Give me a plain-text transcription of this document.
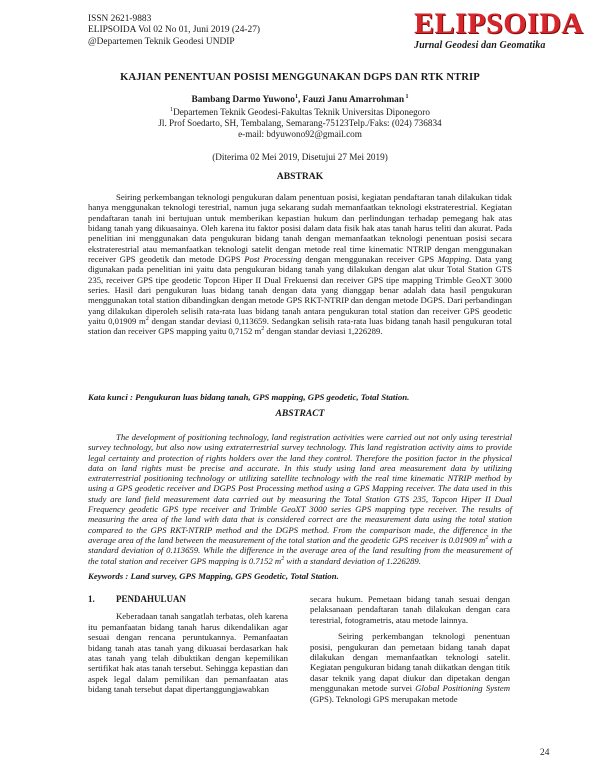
ISSN 2621-9883
ELIPSOIDA Vol 02 No 01, Juni 2019 (24-27)
@Departemen Teknik Geodesi UNDIP
ELIPSOIDA
Jurnal Geodesi dan Geomatika
KAJIAN PENENTUAN POSISI MENGGUNAKAN DGPS DAN RTK NTRIP
Bambang Darmo Yuwono$^1$, Fauzi Janu Amarrohman $^1$
$^1$Departemen Teknik Geodesi-Fakultas Teknik Universitas Diponegoro
Jl. Prof Soedarto, SH, Tembalang, Semarang-75123Telp./Faks: (024) 736834
e-mail: bdyuwono92@gmail.com
(Diterima 02 Mei 2019, Disetujui 27 Mei 2019)
ABSTRAK
Seiring perkembangan teknologi pengukuran dalam penentuan posisi, kegiatan pendaftaran tanah dilakukan tidak hanya menggunakan teknologi terestrial, namun juga sekarang sudah memanfaatkan teknologi ekstraterestrial. Kegiatan pendaftaran tanah ini bertujuan untuk memberikan kepastian hukum dan perlindungan terhadap pemegang hak atas bidang tanah yang dikuasainya. Oleh karena itu faktor posisi dalam data fisik hak atas tanah harus teliti dan akurat. Pada penelitian ini menggunakan data pengukuran bidang tanah dengan memanfaatkan teknologi penentuan posisi secara ekstraterestrial atau memanfaatkan teknologi satelit dengan metode real time kinematic NTRIP dengan menggunakan receiver GPS geodetik dan metode DGPS Post Processing dengan menggunakan receiver GPS Mapping. Data yang digunakan pada penelitian ini yaitu data pengukuran bidang tanah yang dilakukan dengan alat ukur Total Station GTS 235, receiver GPS tipe geodetic Topcon Hiper II Dual Frekuensi dan receiver GPS tipe mapping Trimble GeoXT 3000 series. Hasil dari pengukuran luas bidang tanah dengan data yang dianggap benar adalah data hasil pengukuran menggunakan total station dibandingkan dengan metode GPS RKT-NTRIP dan dengan metode DGPS. Dari perbandingan yang dilakukan diperoleh selisih rata-rata luas bidang tanah antara pengukuran total station dan receiver GPS geodetic yaitu 0,01909 $m^2$ dengan standar deviasi 0,113659. Sedangkan selisih rata-rata luas bidang tanah hasil pengukuran total station dan receiver GPS mapping yaitu 0,7152 $m^2$ dengan standar deviasi 1,226289.
Kata kunci : Pengukuran luas bidang tanah, GPS mapping, GPS geodetic, Total Station.
ABSTRACT
The development of positioning technology, land registration activities were carried out not only using terestrial survey technology, but also now using extraterrestrial survey technology. This land registration activity aims to provide legal certainty and protection of rights holders over the land they control. Therefore the position factor in the physical data on land rights must be precise and accurate. In this study using land area measurement data by utilizing extraterrestrial positioning technology or utilizing satellite technology with the real time kinematic NTRIP method by using a GPS geodetic receiver and DGPS Post Processing method using a GPS Mapping receiver. The data used in this study are land field measurement data carried out by measuring the Total Station GTS 235, Topcon Hiper II Dual Frequency geodetic GPS type receiver and Trimble GeoXT 3000 series GPS mapping type receiver. The results of measuring the area of the land with data that is considered correct are the measurement data using the total station compared to the GPS RKT-NTRIP method and the DGPS method. From the comparison made, the difference in the average area of the land between the measurement of the total station and the geodetic GPS receiver is 0.01909 $m^2$ with a standard deviation of 0.113659. While the difference in the average area of the land resulting from the measurement of the total station and receiver GPS mapping is 0.7152 $m^2$ with a standard deviation of 1.226289.
Keywords : Land survey, GPS Mapping, GPS Geodetic, Total Station.
1. PENDAHULUAN

Keberadaan tanah sangatlah terbatas, oleh karena itu pemanfaatan bidang tanah harus dikendalikan agar sesuai dengan rencana peruntukannya. Pemanfaatan bidang tanah atas tanah yang dikuasai berdasarkan hak atas tanah yang telah dibuktikan dengan kepemilikan sertifikat hak atas tanah tersebut. Sehingga kepastian dan aspek legal dalam pemilikan dan pemanfaatan atas bidang tanah tersebut dapat dipertanggungjawabkan

secara hukum. Pemetaan bidang tanah sesuai dengan pelaksanaan pendaftaran tanah dilakukan dengan cara terestrial, fotogrametris, atau metode lainnya.

Seiring perkembangan teknologi penentuan posisi, pengukuran dan pemetaan bidang tanah dapat dilakukan dengan memanfaatkan teknologi satelit. Kegiatan pengukuran bidang tanah diikatkan dengan titik dasar teknik yang dapat diukur dan dipetakan dengan menggunakan metode survei Global Positioning System (GPS). Teknologi GPS merupakan metode

24
